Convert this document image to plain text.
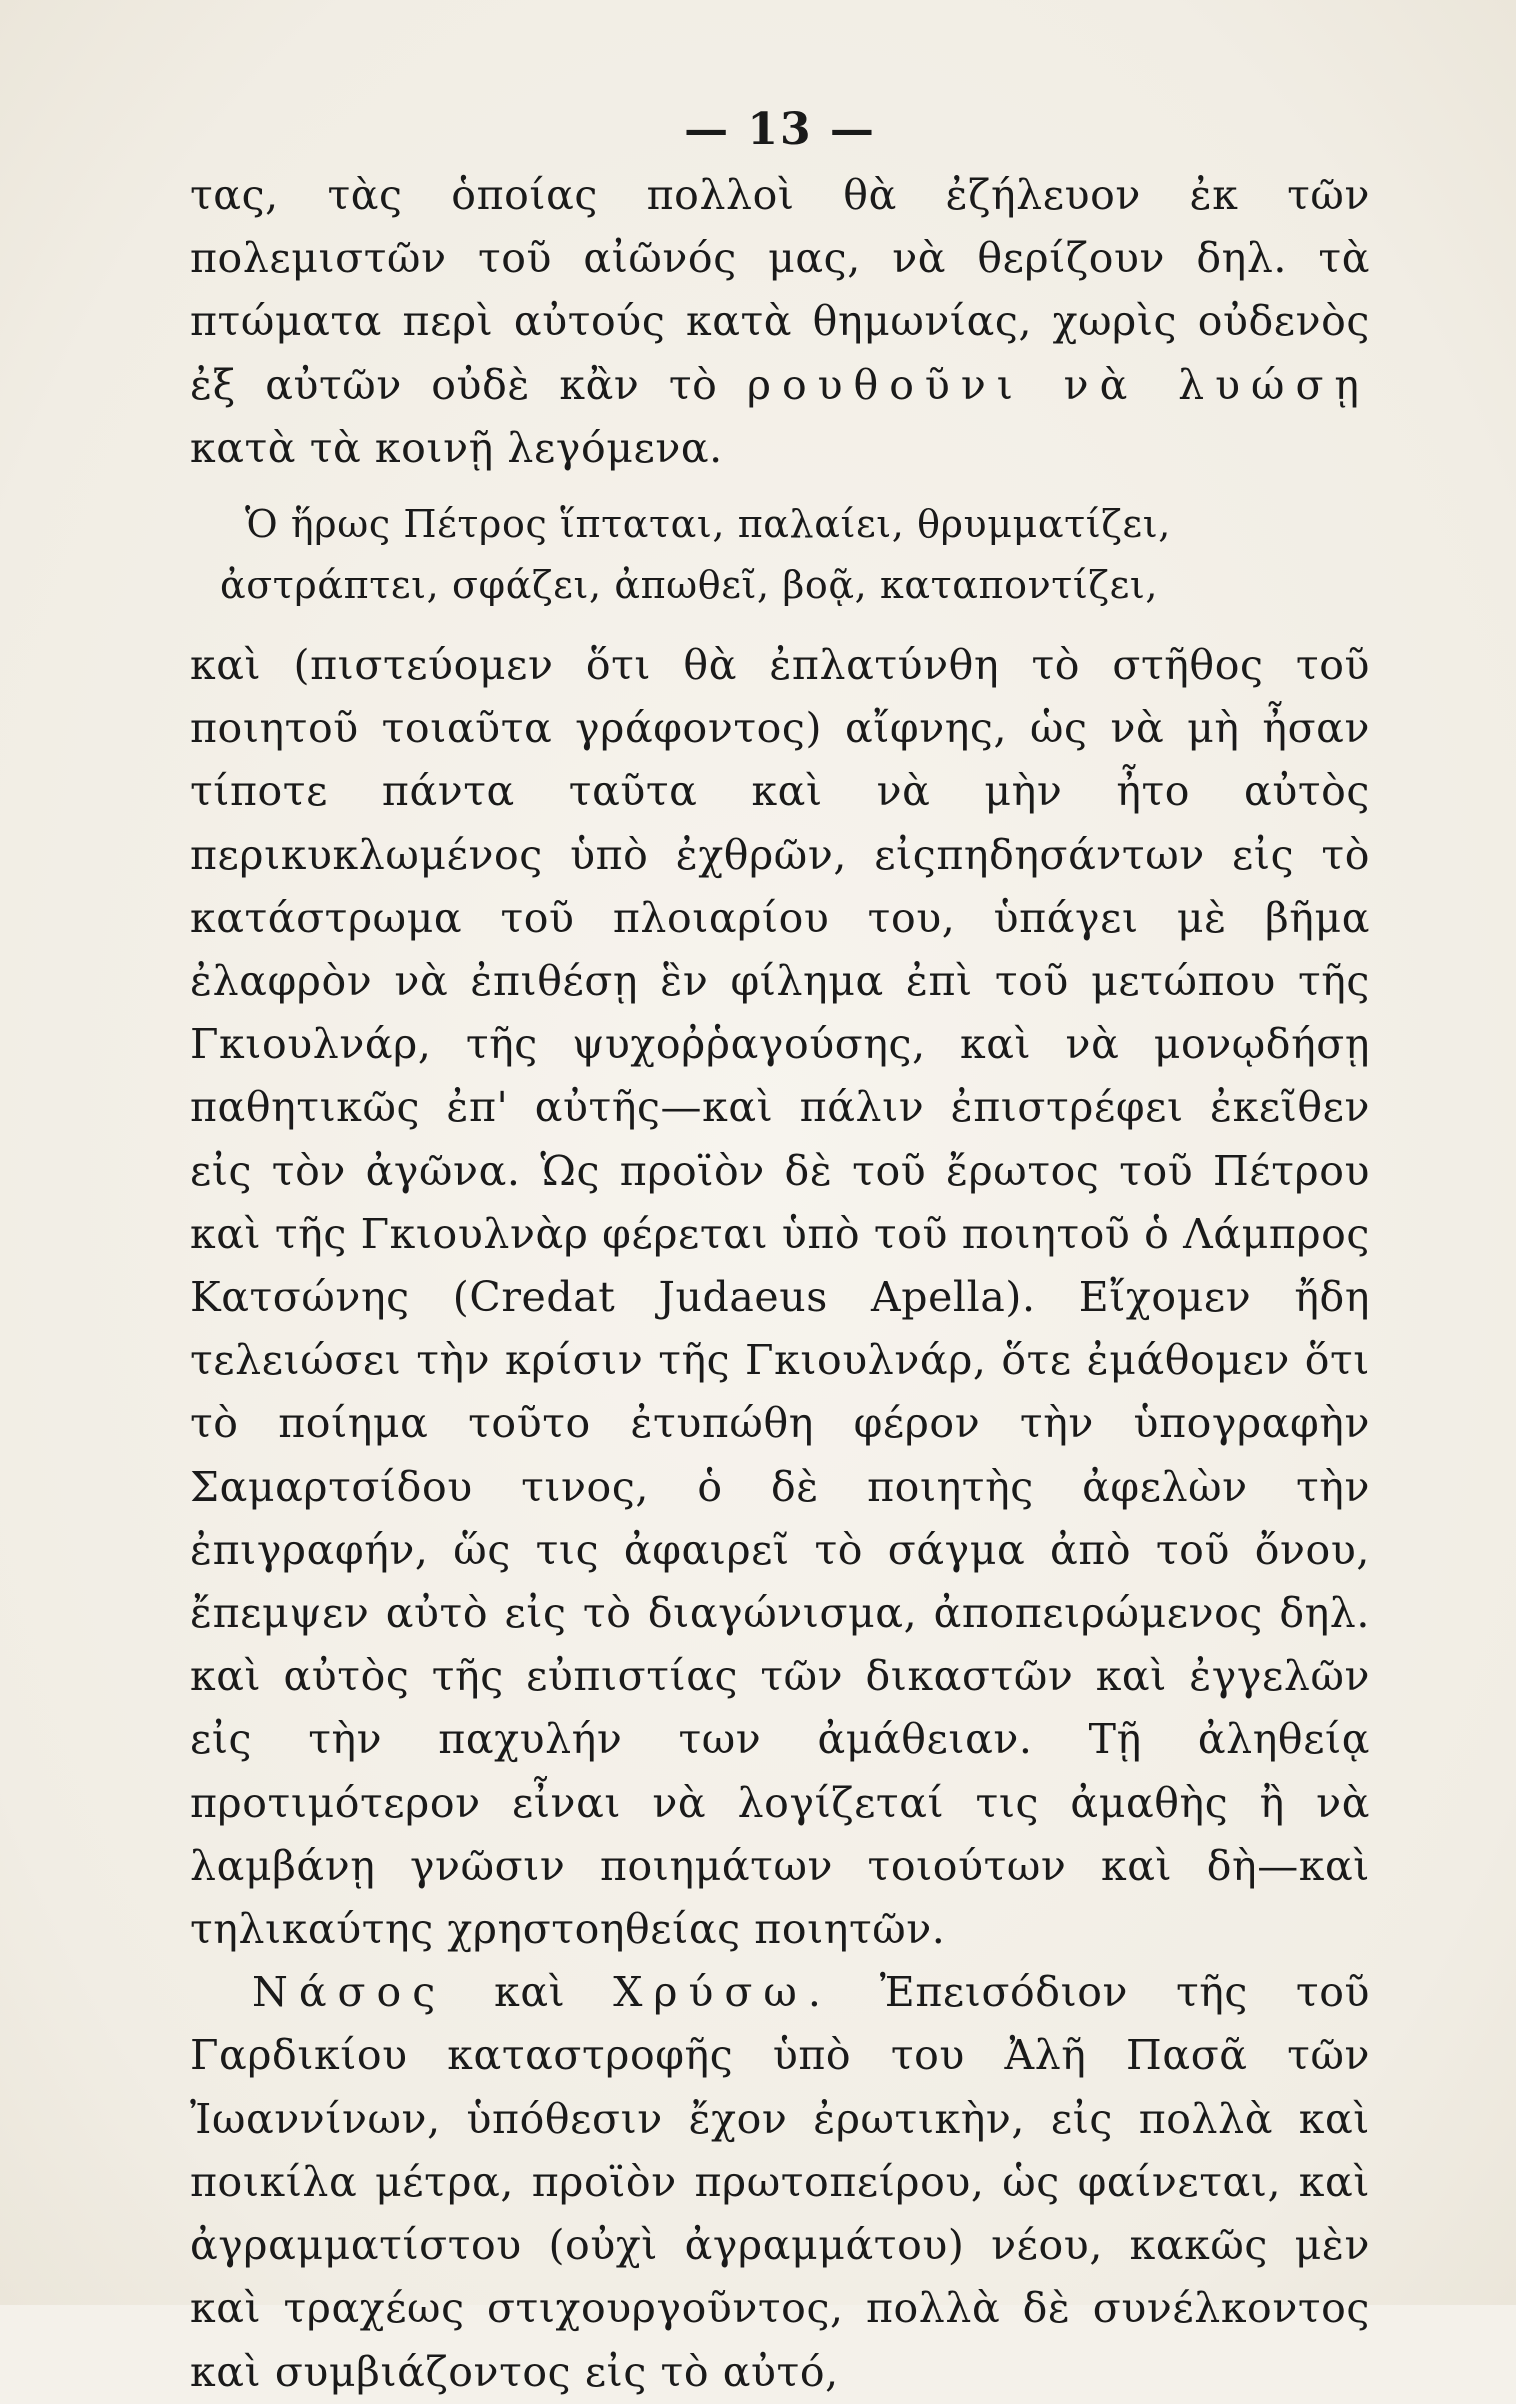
— 13 —

τας, τὰς ὁποίας πολλοὶ θὰ ἐζήλευον ἐκ τῶν πολεμιστῶν τοῦ αἰῶνός μας, νὰ θερίζουν δηλ. τὰ πτώματα περὶ αὐτούς κατὰ θημωνίας, χωρὶς οὐδενὸς ἐξ αὐτῶν οὐδὲ κἂν τὸ ρουθοῦνι νὰ λυώσῃ κατὰ τὰ κοινῇ λεγόμενα.

Ὁ ἥρως Πέτρος ἵπταται, παλαίει, θρυμματίζει,
ἀστράπτει, σφάζει, ἀπωθεῖ, βοᾷ, καταποντίζει,

καὶ (πιστεύομεν ὅτι θὰ ἐπλατύνθη τὸ στῆθος τοῦ ποιητοῦ τοιαῦτα γράφοντος) αἴφνης, ὡς νὰ μὴ ἦσαν τίποτε πάντα ταῦτα καὶ νὰ μὴν ἦτο αὐτὸς περικυκλωμένος ὑπὸ ἐχθρῶν, εἰςπηδησάντων εἰς τὸ κατάστρωμα τοῦ πλοιαρίου του, ὑπάγει μὲ βῆμα ἐλαφρὸν νὰ ἐπιθέσῃ ἓν φίλημα ἐπὶ τοῦ μετώπου τῆς Γκιουλνάρ, τῆς ψυχοῤῥαγούσης, καὶ νὰ μονῳδήσῃ παθητικῶς ἐπ' αὐτῆς—καὶ πάλιν ἐπιστρέφει ἐκεῖθεν εἰς τὸν ἀγῶνα. Ὡς προϊὸν δὲ τοῦ ἔρωτος τοῦ Πέτρου καὶ τῆς Γκιουλνὰρ φέρεται ὑπὸ τοῦ ποιητοῦ ὁ Λάμπρος Κατσώνης (Credat Judaeus Apella). Εἴχομεν ἤδη τελειώσει τὴν κρίσιν τῆς Γκιουλνάρ, ὅτε ἐμάθομεν ὅτι τὸ ποίημα τοῦτο ἐτυπώθη φέρον τὴν ὑπογραφὴν Σαμαρτσίδου τινος, ὁ δὲ ποιητὴς ἀφελὼν τὴν ἐπιγραφήν, ὥς τις ἀφαιρεῖ τὸ σάγμα ἀπὸ τοῦ ὄνου, ἔπεμψεν αὐτὸ εἰς τὸ διαγώνισμα, ἀποπειρώμενος δηλ. καὶ αὐτὸς τῆς εὐπιστίας τῶν δικαστῶν καὶ ἐγγελῶν εἰς τὴν παχυλήν των ἀμάθειαν. Τῇ ἀληθείᾳ προτιμότερον εἶναι νὰ λογίζεταί τις ἀμαθὴς ἢ νὰ λαμβάνῃ γνῶσιν ποιημάτων τοιούτων καὶ δὴ—καὶ τηλικαύτης χρηστοηθείας ποιητῶν.

Νάσος καὶ Χρύσω. Ἐπεισόδιον τῆς τοῦ Γαρδικίου καταστροφῆς ὑπὸ του Ἀλῆ Πασᾶ τῶν Ἰωαννίνων, ὑπόθεσιν ἔχον ἐρωτικὴν, εἰς πολλὰ καὶ ποικίλα μέτρα, προϊὸν πρωτοπείρου, ὡς φαίνεται, καὶ ἀγραμματίστου (οὐχὶ ἀγραμμάτου) νέου, κακῶς μὲν καὶ τραχέως στιχουργοῦντος, πολλὰ δὲ συνέλκοντος καὶ συμβιάζοντος εἰς τὸ αὐτό,
